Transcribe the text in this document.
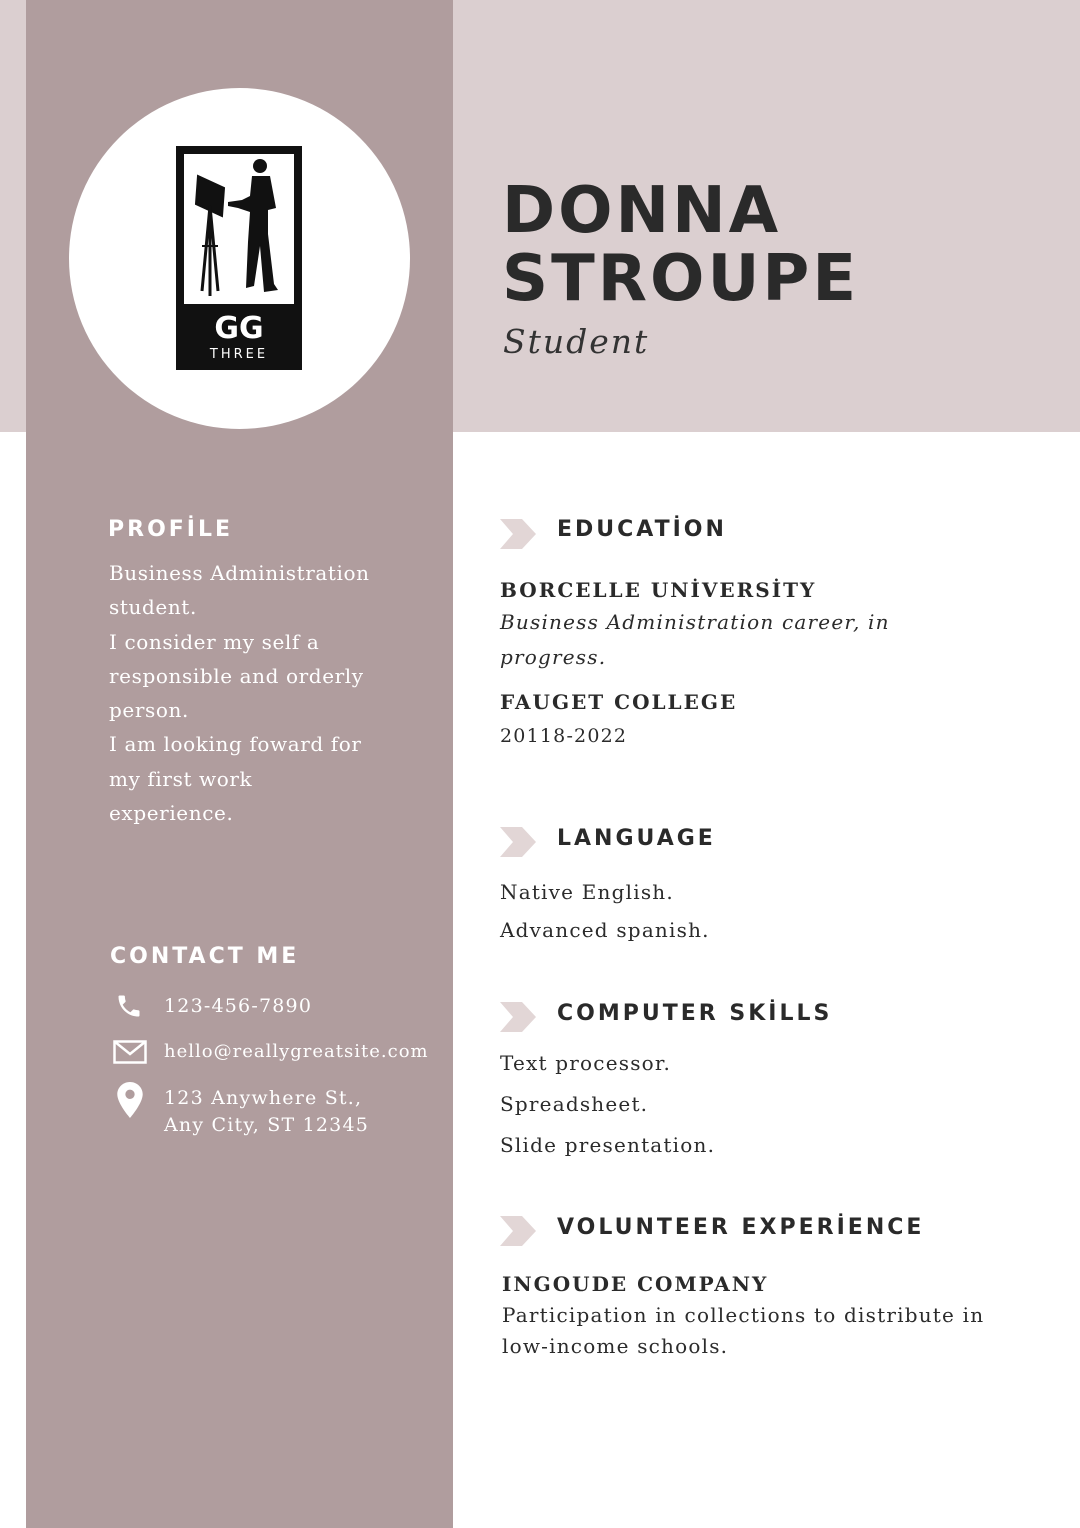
GG
THREE
DONNA
STROUPE
Student
PROFİLE
Business Administration
student.
I consider my self a
responsible and orderly
person.
I am looking foward for
my first work
experience.
CONTACT ME
123-456-7890
hello@reallygreatsite.com
123 Anywhere St.,
Any City, ST 12345
EDUCATİON
BORCELLE UNİVERSİTY
Business Administration career, in
progress.
FAUGET COLLEGE
20118-2022
LANGUAGE
Native English.
Advanced spanish.
COMPUTER SKİLLS
Text processor.
Spreadsheet.
Slide presentation.
VOLUNTEER EXPERİENCE
INGOUDE COMPANY
Participation in collections to distribute in
low-income schools.
